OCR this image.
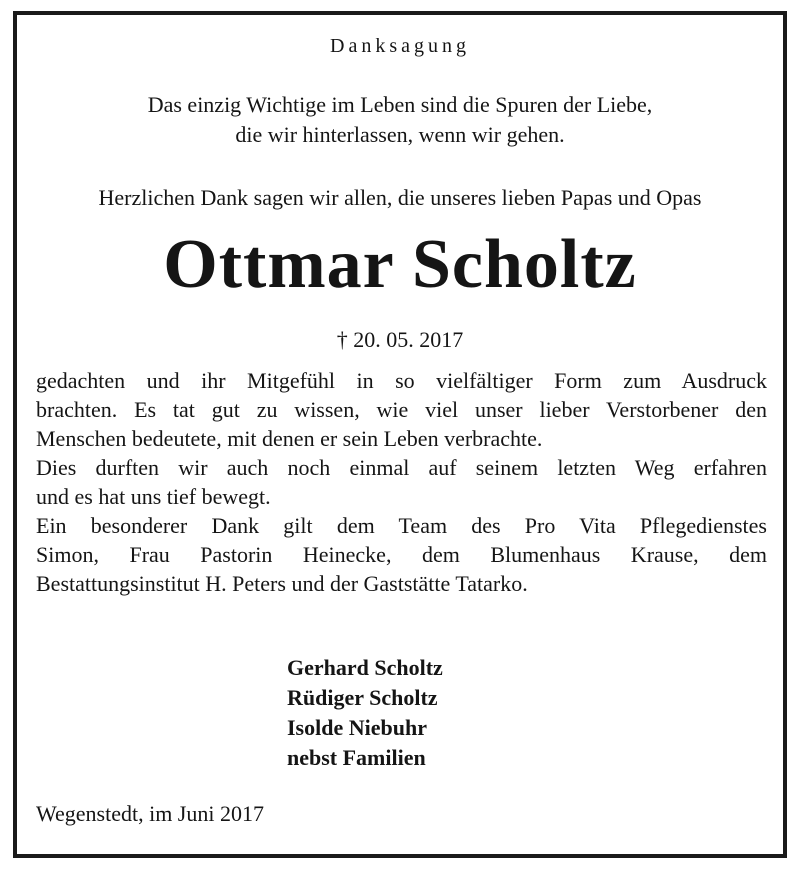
Danksagung
Das einzig Wichtige im Leben sind die Spuren der Liebe,
die wir hinterlassen, wenn wir gehen.
Herzlichen Dank sagen wir allen, die unseres lieben Papas und Opas
Ottmar Scholtz
† 20. 05. 2017
gedachten und ihr Mitgefühl in so vielfältiger Form zum Ausdruck
brachten. Es tat gut zu wissen, wie viel unser lieber Verstorbener den
Menschen bedeutete, mit denen er sein Leben verbrachte.
Dies durften wir auch noch einmal auf seinem letzten Weg erfahren
und es hat uns tief bewegt.
Ein besonderer Dank gilt dem Team des Pro Vita Pflegedienstes
Simon, Frau Pastorin Heinecke, dem Blumenhaus Krause, dem
Bestattungsinstitut H. Peters und der Gaststätte Tatarko.
Gerhard Scholtz
Rüdiger Scholtz
Isolde Niebuhr
nebst Familien
Wegenstedt, im Juni 2017
